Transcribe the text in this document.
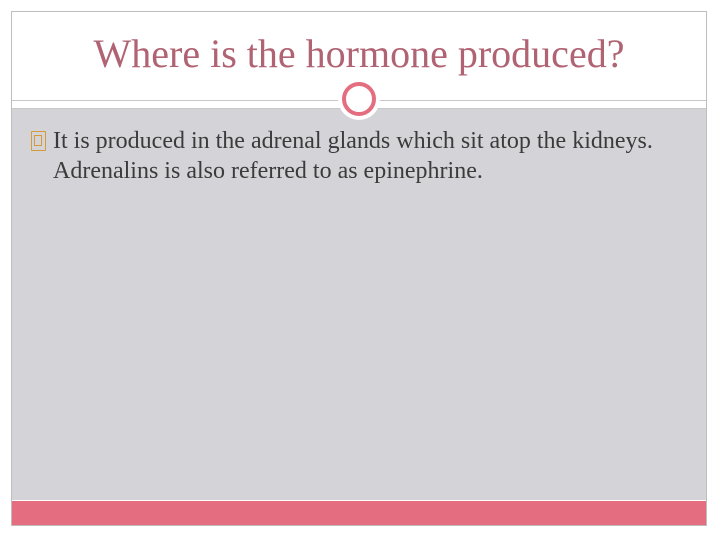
Where is the hormone produced?
It is produced in the adrenal glands which sit atop the kidneys. Adrenalins is also referred to as epinephrine.
